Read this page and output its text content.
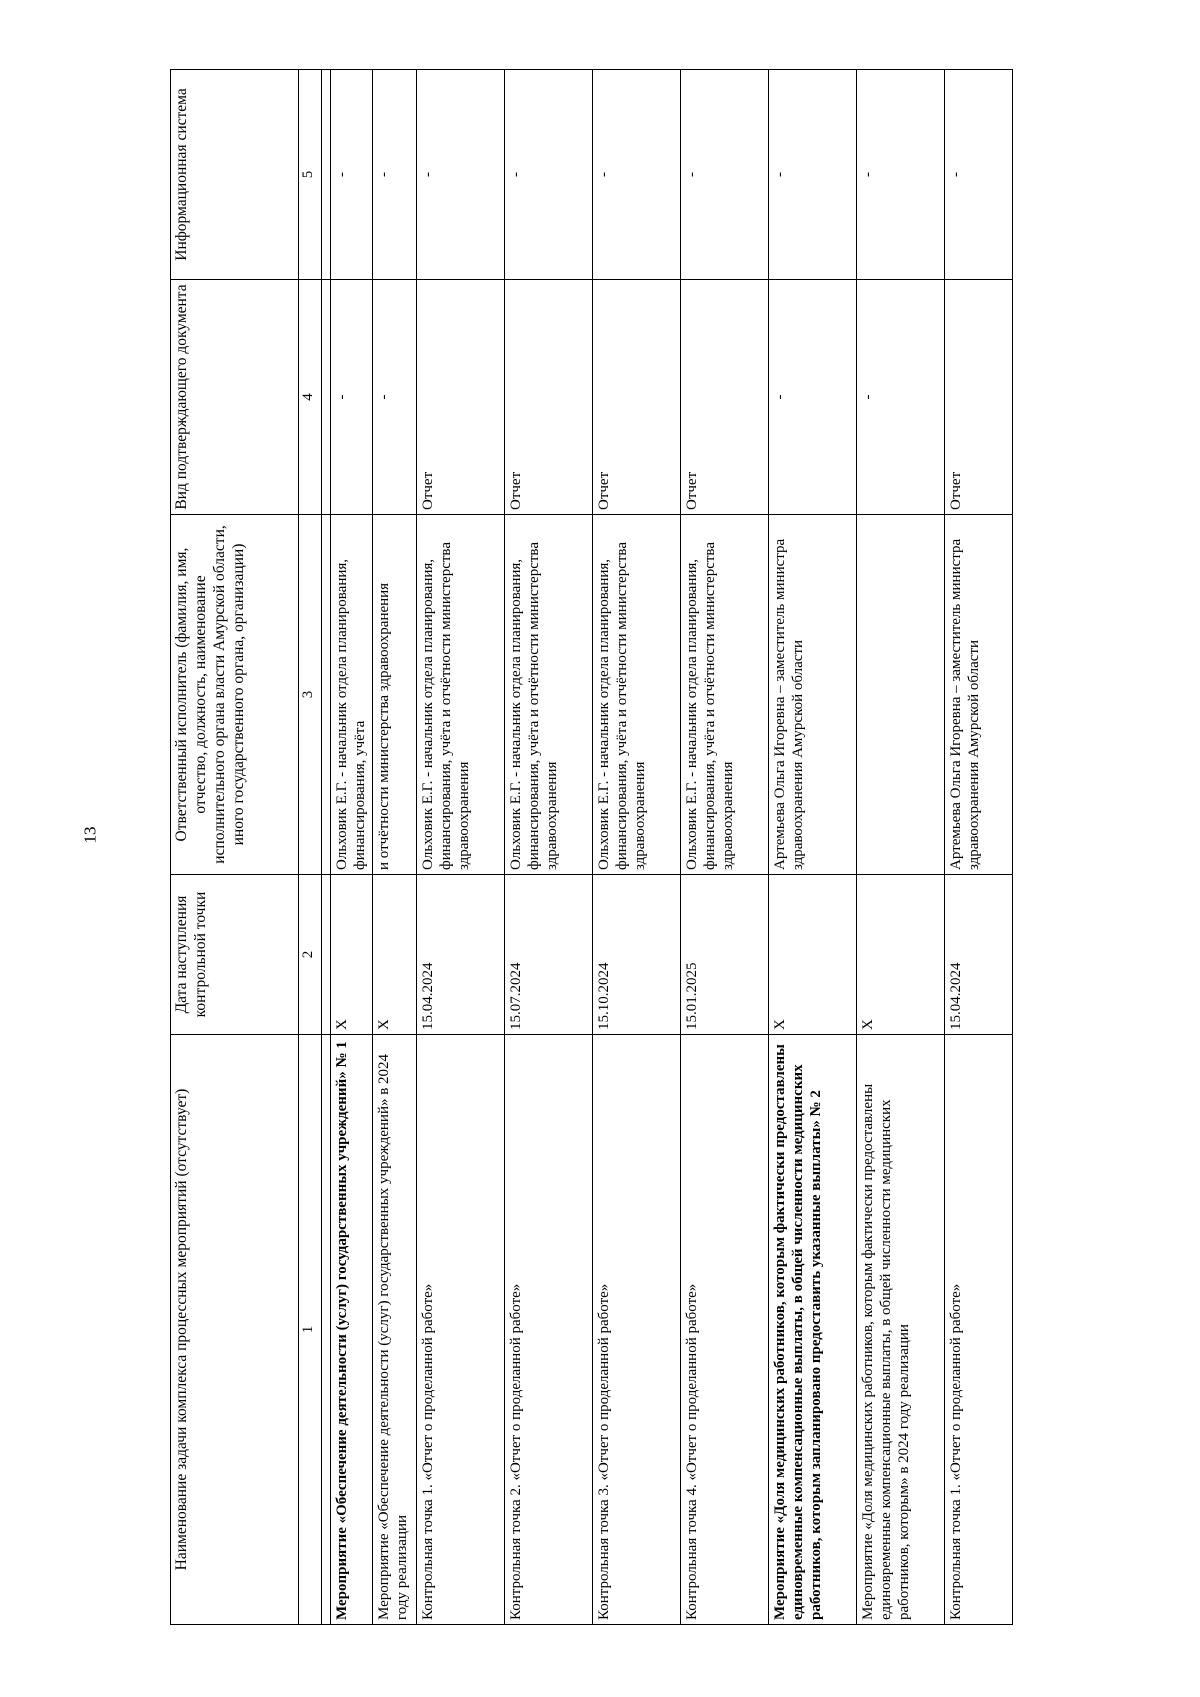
13
Наименование задачи комплекса процессных мероприятий (отсутствует)	Дата наступления контрольной точки	Ответственный исполнитель (фамилия, имя, отчество, должность, наименование исполнительного органа власти Амурской области, иного государственного органа, организации)	Вид подтверждающего документа	Информационная система
1	2	3	4	5

Мероприятие «Обеспечение деятельности (услуг) государственных учреждений» № 1	X	Ольховик Е.Г. - начальник отдела планирования, финансирования, учёта	-	-
Мероприятие «Обеспечение деятельности (услуг) государственных учреждений» в 2024 году реализации	X	и отчётности министерства здравоохранения	-	-
Контрольная точка 1. «Отчет о проделанной работе»	15.04.2024	Ольховик Е.Г. - начальник отдела планирования, финансирования, учёта и отчётности министерства здравоохранения	Отчет	-
Контрольная точка 2. «Отчет о проделанной работе»	15.07.2024	Ольховик Е.Г. - начальник отдела планирования, финансирования, учёта и отчётности министерства здравоохранения	Отчет	-
Контрольная точка 3. «Отчет о проделанной работе»	15.10.2024	Ольховик Е.Г. - начальник отдела планирования, финансирования, учёта и отчётности министерства здравоохранения	Отчет	-
Контрольная точка 4. «Отчет о проделанной работе»	15.01.2025	Ольховик Е.Г. - начальник отдела планирования, финансирования, учёта и отчётности министерства здравоохранения	Отчет	-
Мероприятие «Доля медицинских работников, которым фактически предоставлены единовременные компенсационные выплаты, в общей численности медицинских работников, которым запланировано предоставить указанные выплаты» № 2	X	Артемьева Ольга Игоревна – заместитель министра здравоохранения Амурской области	-	-
Мероприятие «Доля медицинских работников, которым фактически предоставлены единовременные компенсационные выплаты, в общей численности медицинских работников, которым» в 2024 году реализации	X		-	-
Контрольная точка 1. «Отчет о проделанной работе»	15.04.2024	Артемьева Ольга Игоревна – заместитель министра здравоохранения Амурской области	Отчет	-
